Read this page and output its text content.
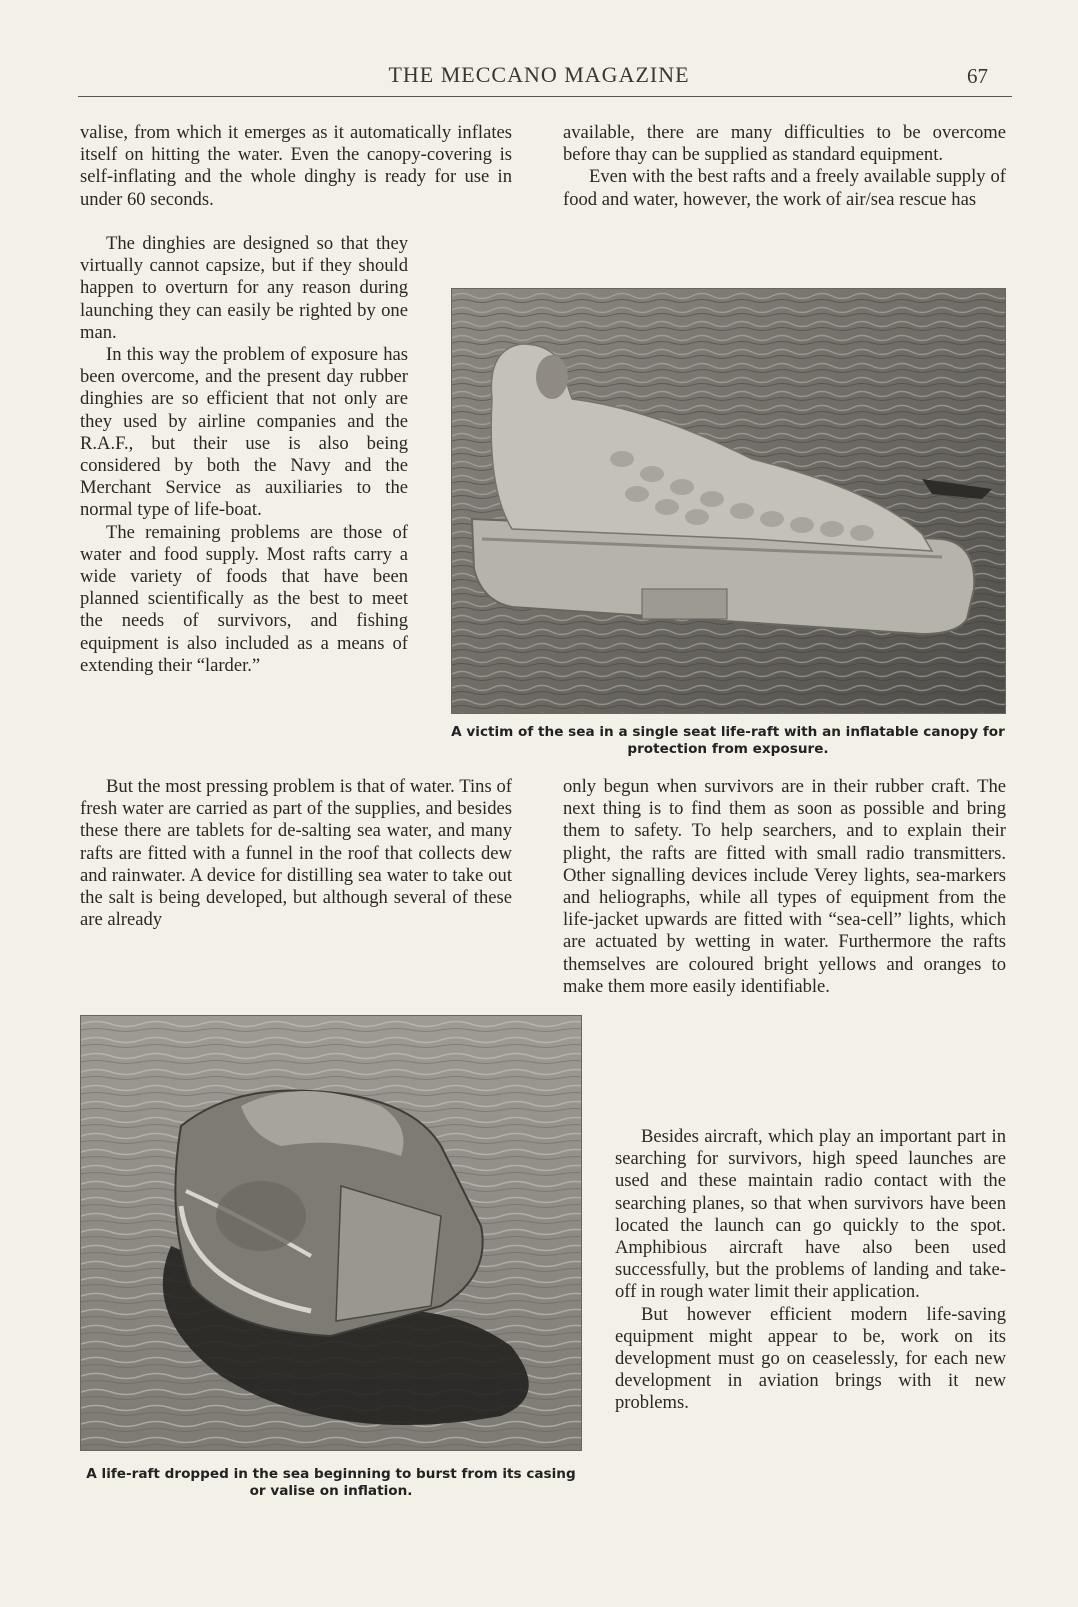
THE MECCANO MAGAZINE	67

valise, from which it emerges as it automatically inflates itself on hitting the water. Even the canopy-covering is self-inflating and the whole dinghy is ready for use in under 60 seconds.

The dinghies are designed so that they virtually cannot capsize, but if they should happen to overturn for any reason during launching they can easily be righted by one man.

In this way the problem of exposure has been overcome, and the present day rubber dinghies are so efficient that not only are they used by airline companies and the R.A.F., but their use is also being considered by both the Navy and the Merchant Service as auxiliaries to the normal type of life-boat.

The remaining problems are those of water and food supply. Most rafts carry a wide variety of foods that have been planned scientifically as the best to meet the needs of survivors, and fishing equipment is also included as a means of extending their “larder.”

But the most pressing problem is that of water. Tins of fresh water are carried as part of the supplies, and besides these there are tablets for de-salting sea water, and many rafts are fitted with a funnel in the roof that collects dew and rainwater. A device for distilling sea water to take out the salt is being developed, but although several of these are already

available, there are many difficulties to be overcome before thay can be supplied as standard equipment.

Even with the best rafts and a freely available supply of food and water, however, the work of air/sea rescue has

A victim of the sea in a single seat life-raft with an inflatable canopy for protection from exposure.

only begun when survivors are in their rubber craft. The next thing is to find them as soon as possible and bring them to safety. To help searchers, and to explain their plight, the rafts are fitted with small radio transmitters. Other signalling devices include Verey lights, sea-markers and heliographs, while all types of equipment from the life-jacket upwards are fitted with “sea-cell” lights, which are actuated by wetting in water. Furthermore the rafts themselves are coloured bright yellows and oranges to make them more easily identifiable.

A life-raft dropped in the sea beginning to burst from its casing or valise on inflation.

Besides aircraft, which play an important part in searching for survivors, high speed launches are used and these maintain radio contact with the searching planes, so that when survivors have been located the launch can go quickly to the spot. Amphibious aircraft have also been used successfully, but the problems of landing and take-off in rough water limit their application.

But however efficient modern life-saving equipment might appear to be, work on its development must go on ceaselessly, for each new development in aviation brings with it new problems.
